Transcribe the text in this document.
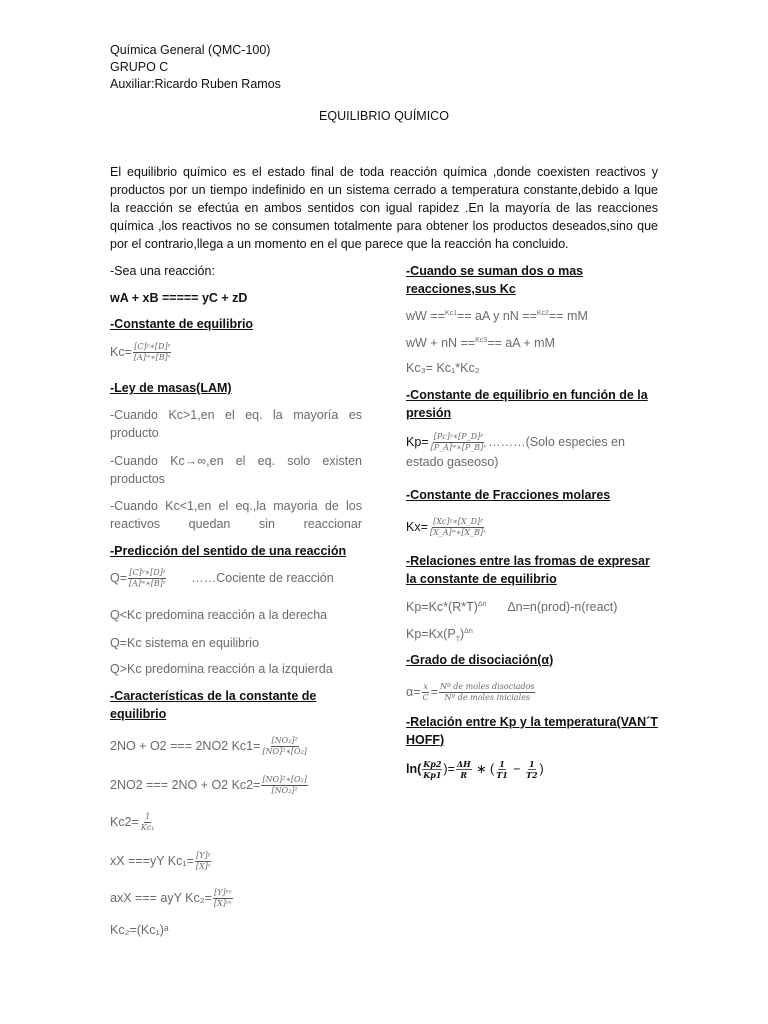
Química General (QMC-100)
GRUPO C
Auxiliar:Ricardo Ruben Ramos
EQUILIBRIO QUÍMICO
El equilibrio químico es el estado final de toda reacción química ,donde coexisten reactivos y productos por un tiempo indefinido en un sistema cerrado a temperatura constante,debido a lque la reacción se efectúa en ambos sentidos con igual rapidez .En la mayoría de las reacciones química ,los reactivos no se consumen totalmente para obtener los productos deseados,sino que por el contrario,llega a un momento en el que parece que la reacción ha concluido.
-Sea una reacción:
wA + xB ===== yC + zD
-Constante de equilibrio
$Kc= \frac{\text{[C]ʸ∗[D]ᶻ}}{\text{[A]ʷ∗[B]ˣ}}$
-Ley de masas(LAM)
-Cuando Kc>1,en el eq. la mayoría es producto
-Cuando Kc→∞,en el eq. solo existen productos
-Cuando Kc<1,en el eq.,la mayoria de los reactivos quedan sin reaccionar
-Predicción del sentido de una reacción
$Q= \frac{\text{[C]ʸ∗[D]ᶻ}}{\text{[A]ʷ∗[B]ˣ}}$ ……Cociente de reacción
Q<Kc predomina reacción a la derecha
Q=Kc sistema en equilibrio
Q>Kc predomina reacción a la izquierda
-Características de la constante de equilibrio
2NO + O2 === 2NO2 $Kc1= \frac{\text{[NO₂]²}}{\text{[NO]²∗[O₂]}}$
2NO2 === 2NO + O2 $Kc2= \frac{\text{[NO]²∗[O₂]}}{\text{[NO₂]²}}$
$Kc2= \frac{1}{\text{Kc₁}}$
xX ===yY $Kc_1= \frac{\text{[Y]ʸ}}{\text{[X]ˣ}}$
axX === ayY $Kc_2= \frac{\text{[Y]ᵃʸ}}{\text{[X]ᵃˣ}}$
Kc₂=(Kc₁)ᵃ
-Cuando se suman dos o mas reacciones,sus Kc
wW ==$^{Kc1}$== aA y nN ==$^{Kc2}$== mM
wW + nN ==$^{Kc3}$== aA + mM
Kc₃= Kc₁*Kc₂
-Constante de equilibrio en función de la presión
$Kp= \frac{\text{[Pc]ʸ∗[P\_D]ᶻ}}{\text{[P\_A]ʷ∗[P\_B]ˣ}}$ ………(Solo especies en estado gaseoso)
-Constante de Fracciones molares
$Kx= \frac{\text{[Xc]ʸ∗[X\_D]ᶻ}}{\text{[X\_A]ʷ∗[X\_B]ˣ}}$
-Relaciones entre las fromas de expresar la constante de equilibrio
$Kp=Kc*(R*T)^{\Delta n}$      Δn=n(prod)-n(react)
$Kp=Kx(P_T)^{\Delta n}$
-Grado de disociación(α)
$\alpha= \frac{x}{C} = \frac{\text{Nº de moles disociados}}{\text{Nº de moles iniciales}}$
-Relación entre Kp y la temperatura(VAN´T HOFF)
$\ln( \frac{Kp2}{Kp1}$ )= $\frac{\Delta H}{R}$ ∗ ( $\frac{1}{T1} - \frac{1}{T2}$ )
